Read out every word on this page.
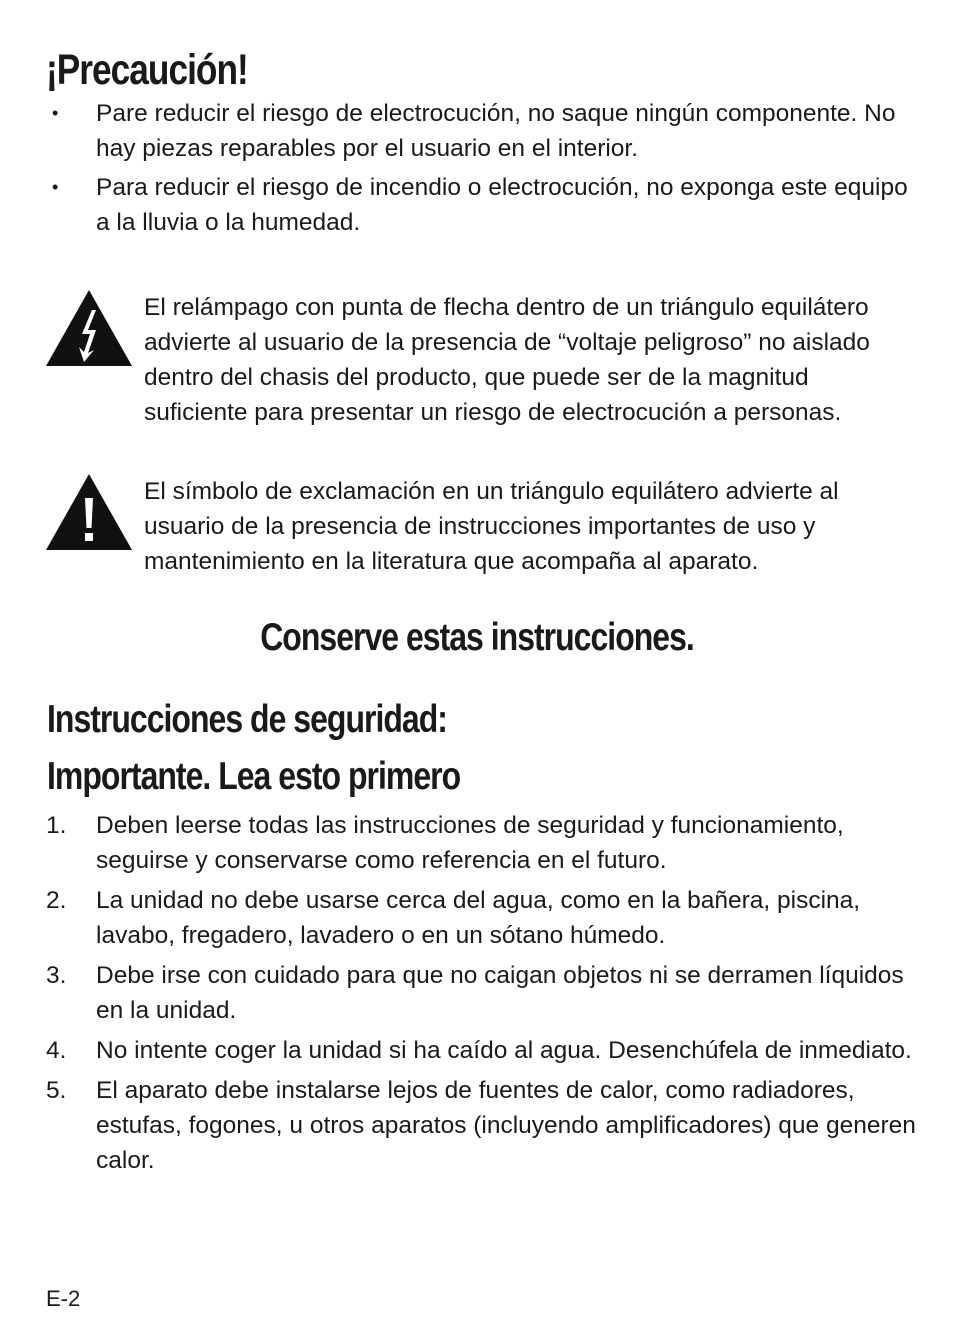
¡Precaución!
•	Pare reducir el riesgo de electrocución, no saque ningún componente. No hay piezas reparables por el usuario en el interior.
•	Para reducir el riesgo de incendio o electrocución, no exponga este equipo a la lluvia o la humedad.

El relámpago con punta de flecha dentro de un triángulo equilátero advierte al usuario de la presencia de “voltaje peligroso” no aislado dentro del chasis del producto, que puede ser de la magnitud suficiente para presentar un riesgo de electrocución a personas.

El símbolo de exclamación en un triángulo equilátero advierte al usuario de la presencia de instrucciones importantes de uso y mantenimiento en la literatura que acompaña al aparato.

Conserve estas instrucciones.
Instrucciones de seguridad:
Importante. Lea esto primero
1.	Deben leerse todas las instrucciones de seguridad y funcionamiento, seguirse y conservarse como referencia en el futuro.
2.	La unidad no debe usarse cerca del agua, como en la bañera, piscina, lavabo, fregadero, lavadero o en un sótano húmedo.
3.	Debe irse con cuidado para que no caigan objetos ni se derramen líquidos en la unidad.
4.	No intente coger la unidad si ha caído al agua. Desenchúfela de inmediato.
5.	El aparato debe instalarse lejos de fuentes de calor, como radiadores, estufas, fogones, u otros aparatos (incluyendo amplificadores) que generen calor.

E-2
